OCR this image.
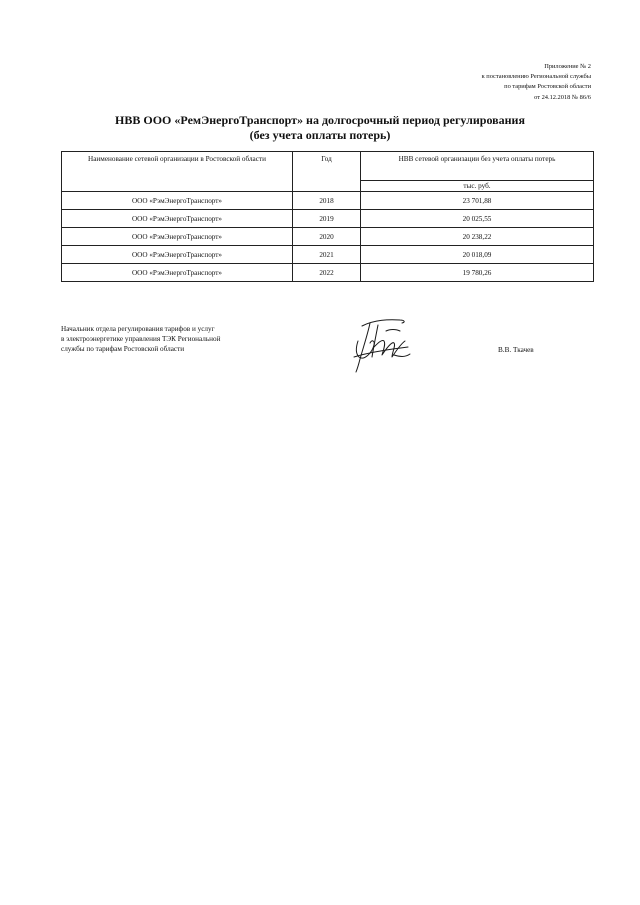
Приложение № 2
к постановлению Региональной службы
по тарифам Ростовской области
от 24.12.2018 № 86/6
НВВ ООО «РемЭнергоТранспорт» на долгосрочный период регулирования
(без учета оплаты потерь)
Наименование сетевой организации в Ростовской области	Год	НВВ сетевой организации без учета оплаты потерь
		тыс. руб.
ООО «РэмЭнергоТранспорт»	2018	23 701,88
ООО «РэмЭнергоТранспорт»	2019	20 025,55
ООО «РэмЭнергоТранспорт»	2020	20 238,22
ООО «РэмЭнергоТранспорт»	2021	20 018,09
ООО «РэмЭнергоТранспорт»	2022	19 780,26
Начальник отдела регулирования тарифов и услуг
в электроэнергетике управления ТЭК Региональной
службы по тарифам Ростовской области	В.В. Ткачев
